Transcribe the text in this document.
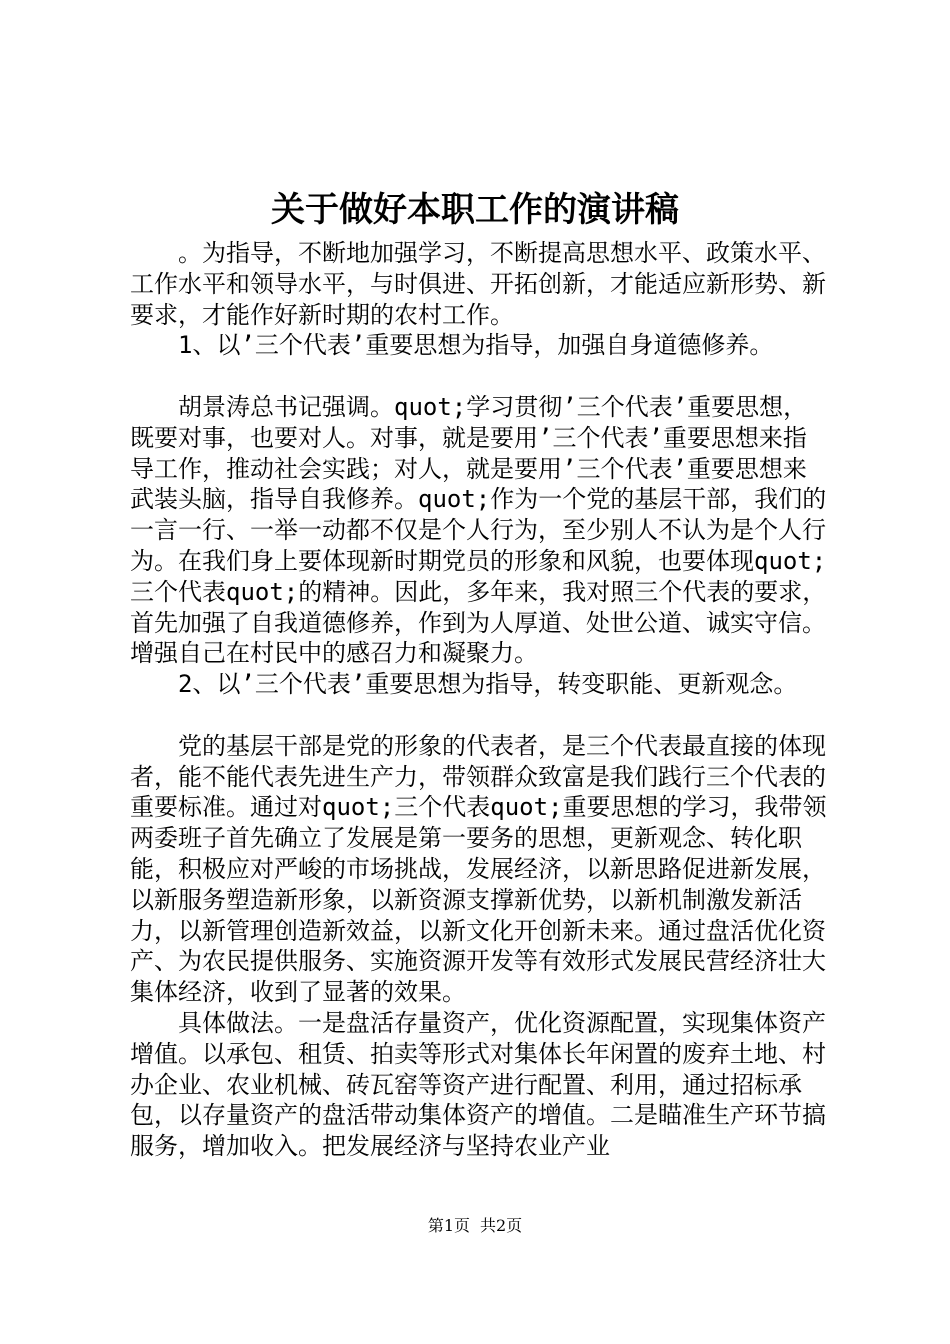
关于做好本职工作的演讲稿

。为指导，不断地加强学习，不断提高思想水平、政策水平、工作水平和领导水平，与时俱进、开拓创新，才能适应新形势、新要求，才能作好新时期的农村工作。

1、以’三个代表’重要思想为指导，加强自身道德修养。

胡景涛总书记强调。quot;学习贯彻’三个代表’重要思想，既要对事，也要对人。对事，就是要用’三个代表’重要思想来指导工作，推动社会实践；对人，就是要用’三个代表’重要思想来武装头脑，指导自我修养。quot;作为一个党的基层干部，我们的一言一行、一举一动都不仅是个人行为，至少别人不认为是个人行为。在我们身上要体现新时期党员的形象和风貌，也要体现quot;三个代表quot;的精神。因此，多年来，我对照三个代表的要求，首先加强了自我道德修养，作到为人厚道、处世公道、诚实守信。增强自己在村民中的感召力和凝聚力。

2、以’三个代表’重要思想为指导，转变职能、更新观念。

党的基层干部是党的形象的代表者，是三个代表最直接的体现者，能不能代表先进生产力，带领群众致富是我们践行三个代表的重要标准。通过对quot;三个代表quot;重要思想的学习，我带领两委班子首先确立了发展是第一要务的思想，更新观念、转化职能，积极应对严峻的市场挑战，发展经济，以新思路促进新发展，以新服务塑造新形象，以新资源支撑新优势，以新机制激发新活力，以新管理创造新效益，以新文化开创新未来。通过盘活优化资产、为农民提供服务、实施资源开发等有效形式发展民营经济壮大集体经济，收到了显著的效果。

具体做法。一是盘活存量资产，优化资源配置，实现集体资产增值。以承包、租赁、拍卖等形式对集体长年闲置的废弃土地、村办企业、农业机械、砖瓦窑等资产进行配置、利用，通过招标承包，以存量资产的盘活带动集体资产的增值。二是瞄准生产环节搞服务，增加收入。把发展经济与坚持农业产业

第1页 共2页
